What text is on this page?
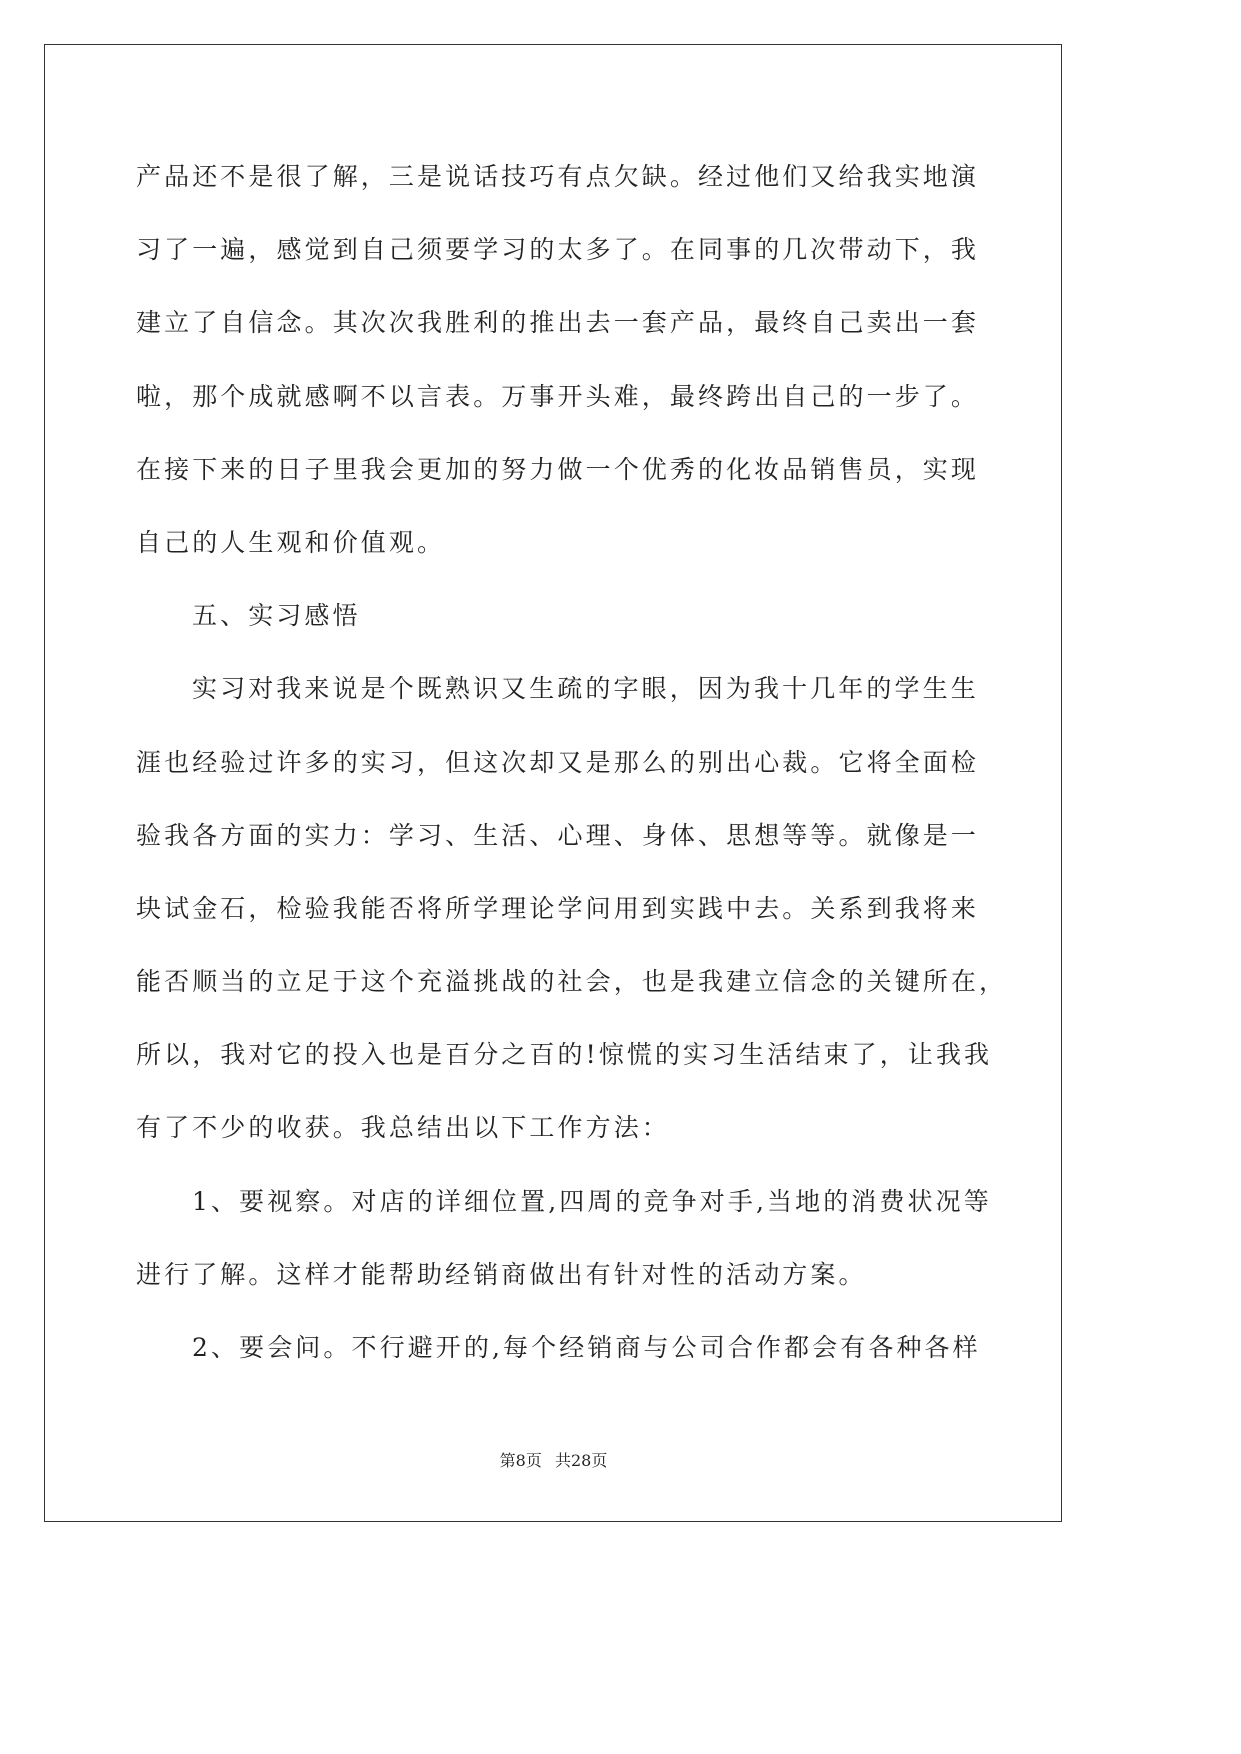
产品还不是很了解，三是说话技巧有点欠缺。经过他们又给我实地演
习了一遍，感觉到自己须要学习的太多了。在同事的几次带动下，我
建立了自信念。其次次我胜利的推出去一套产品，最终自己卖出一套
啦，那个成就感啊不以言表。万事开头难，最终跨出自己的一步了。
在接下来的日子里我会更加的努力做一个优秀的化妆品销售员，实现
自己的人生观和价值观。
五、实习感悟
实习对我来说是个既熟识又生疏的字眼，因为我十几年的学生生
涯也经验过许多的实习，但这次却又是那么的别出心裁。它将全面检
验我各方面的实力：学习、生活、心理、身体、思想等等。就像是一
块试金石，检验我能否将所学理论学问用到实践中去。关系到我将来
能否顺当的立足于这个充溢挑战的社会，也是我建立信念的关键所在，
所以，我对它的投入也是百分之百的!惊慌的实习生活结束了，让我我
有了不少的收获。我总结出以下工作方法：
1、要视察。对店的详细位置,四周的竞争对手,当地的消费状况等
进行了解。这样才能帮助经销商做出有针对性的活动方案。
2、要会问。不行避开的,每个经销商与公司合作都会有各种各样
第8页 共28页
